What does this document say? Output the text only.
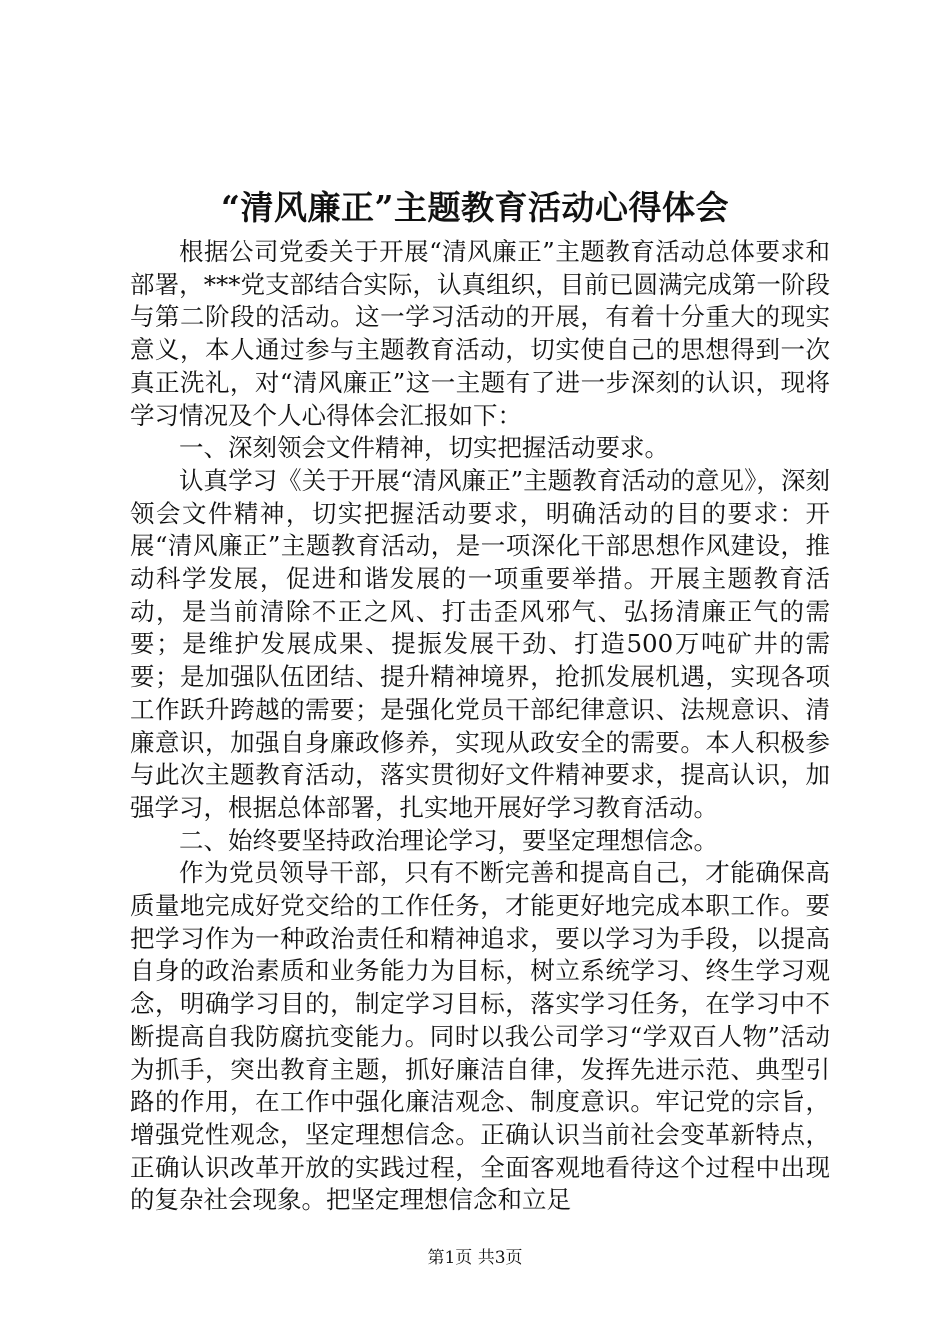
“清风廉正”主题教育活动心得体会

根据公司党委关于开展“清风廉正”主题教育活动总体要求和部署，***党支部结合实际，认真组织，目前已圆满完成第一阶段与第二阶段的活动。这一学习活动的开展，有着十分重大的现实意义，本人通过参与主题教育活动，切实使自己的思想得到一次真正洗礼，对“清风廉正”这一主题有了进一步深刻的认识，现将学习情况及个人心得体会汇报如下：

一、深刻领会文件精神，切实把握活动要求。

认真学习《关于开展“清风廉正”主题教育活动的意见》，深刻领会文件精神，切实把握活动要求，明确活动的目的要求：开展“清风廉正”主题教育活动，是一项深化干部思想作风建设，推动科学发展，促进和谐发展的一项重要举措。开展主题教育活动，是当前清除不正之风、打击歪风邪气、弘扬清廉正气的需要；是维护发展成果、提振发展干劲、打造500万吨矿井的需要；是加强队伍团结、提升精神境界，抢抓发展机遇，实现各项工作跃升跨越的需要；是强化党员干部纪律意识、法规意识、清廉意识，加强自身廉政修养，实现从政安全的需要。本人积极参与此次主题教育活动，落实贯彻好文件精神要求，提高认识，加强学习，根据总体部署，扎实地开展好学习教育活动。

二、始终要坚持政治理论学习，要坚定理想信念。

作为党员领导干部，只有不断完善和提高自己，才能确保高质量地完成好党交给的工作任务，才能更好地完成本职工作。要把学习作为一种政治责任和精神追求，要以学习为手段，以提高自身的政治素质和业务能力为目标，树立系统学习、终生学习观念，明确学习目的，制定学习目标，落实学习任务，在学习中不断提高自我防腐抗变能力。同时以我公司学习“学双百人物”活动为抓手，突出教育主题，抓好廉洁自律，发挥先进示范、典型引路的作用，在工作中强化廉洁观念、制度意识。牢记党的宗旨，增强党性观念，坚定理想信念。正确认识当前社会变革新特点，正确认识改革开放的实践过程，全面客观地看待这个过程中出现的复杂社会现象。把坚定理想信念和立足

第1页 共3页
